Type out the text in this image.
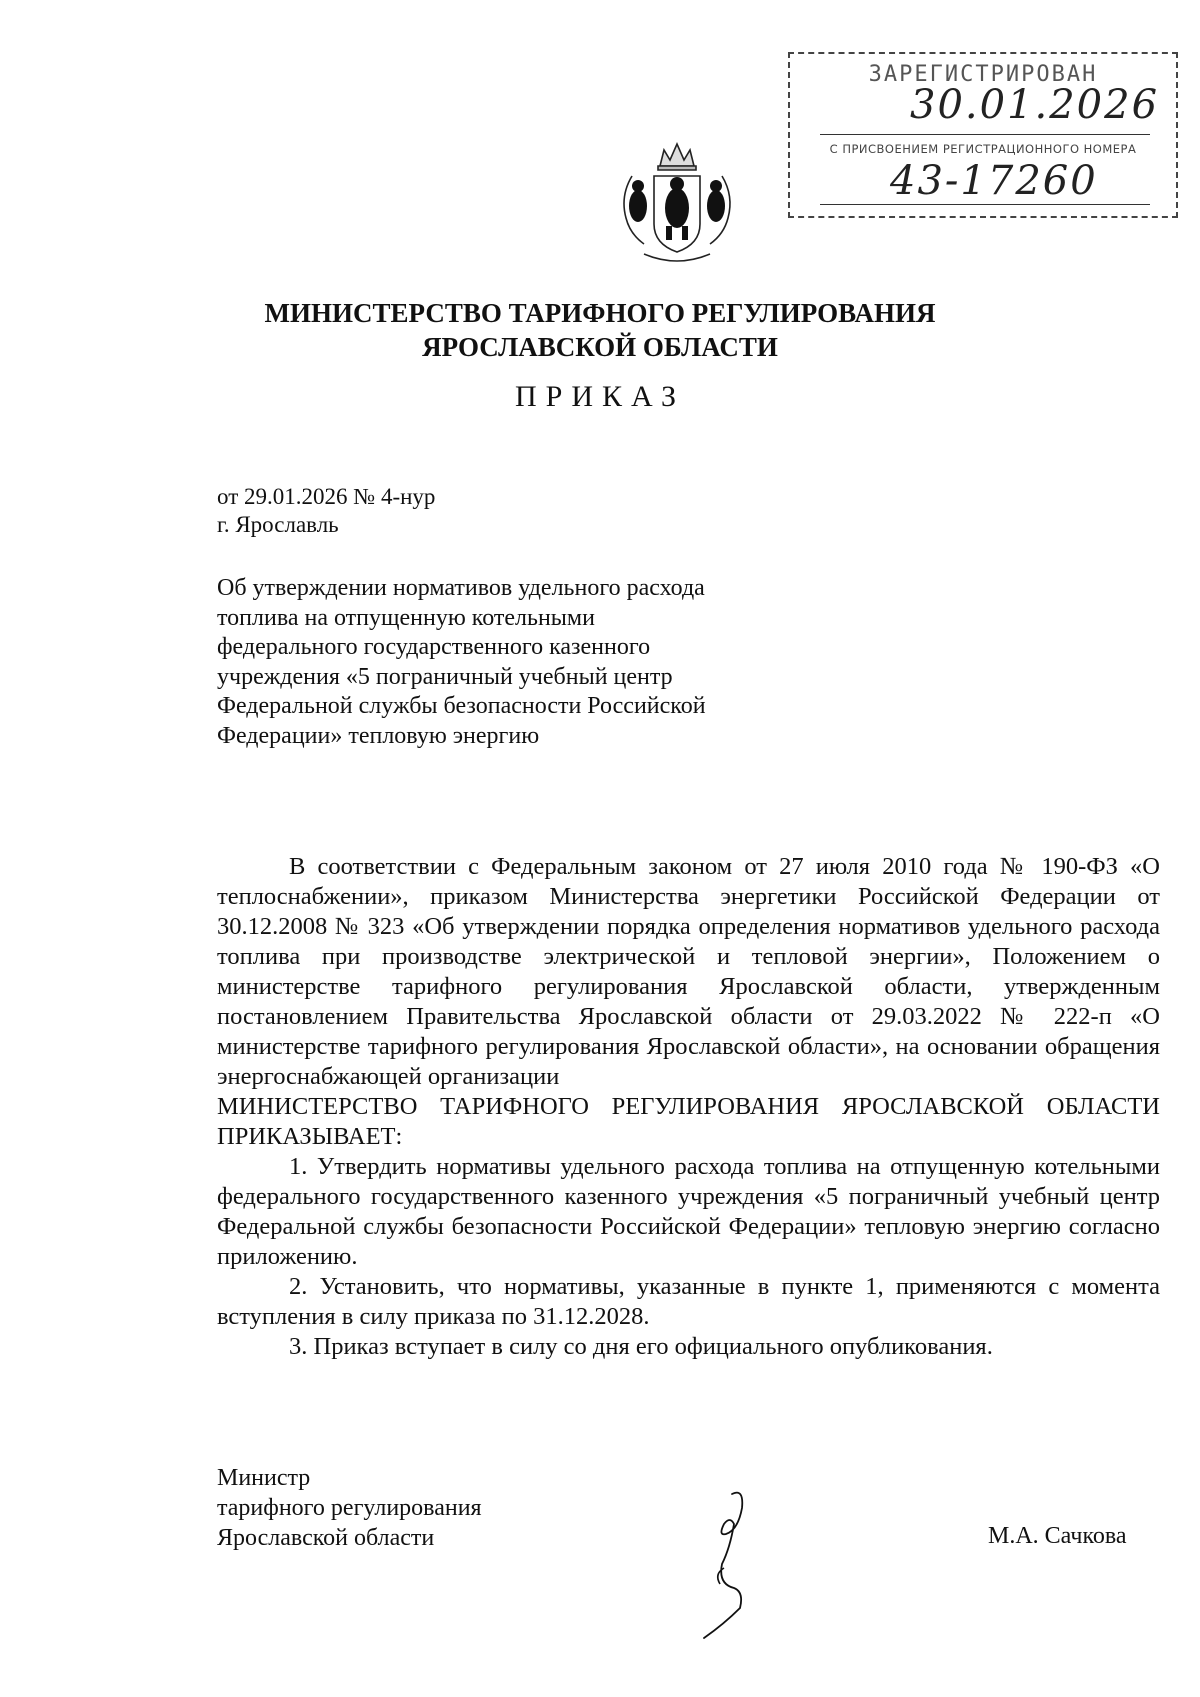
ЗАРЕГИСТРИРОВАН
30.01.2026
С ПРИСВОЕНИЕМ РЕГИСТРАЦИОННОГО НОМЕРА
43-17260
МИНИСТЕРСТВО ТАРИФНОГО РЕГУЛИРОВАНИЯ
ЯРОСЛАВСКОЙ ОБЛАСТИ
ПРИКАЗ
от 29.01.2026 № 4-нур
г. Ярославль
Об утверждении нормативов удельного расхода топлива на отпущенную котельными федерального государственного казенного учреждения «5 пограничный учебный центр Федеральной службы безопасности Российской Федерации» тепловую энергию

В соответствии с Федеральным законом от 27 июля 2010 года № 190-ФЗ «О теплоснабжении», приказом Министерства энергетики Российской Федерации от 30.12.2008 № 323 «Об утверждении порядка определения нормативов удельного расхода топлива при производстве электрической и тепловой энергии», Положением о министерстве тарифного регулирования Ярославской области, утвержденным постановлением Правительства Ярославской области от 29.03.2022 № 222-п «О министерстве тарифного регулирования Ярославской области», на основании обращения энергоснабжающей организации

МИНИСТЕРСТВО ТАРИФНОГО РЕГУЛИРОВАНИЯ ЯРОСЛАВСКОЙ ОБЛАСТИ ПРИКАЗЫВАЕТ:

1. Утвердить нормативы удельного расхода топлива на отпущенную котельными федерального государственного казенного учреждения «5 пограничный учебный центр Федеральной службы безопасности Российской Федерации» тепловую энергию согласно приложению.

2. Установить, что нормативы, указанные в пункте 1, применяются с момента вступления в силу приказа по 31.12.2028.

3. Приказ вступает в силу со дня его официального опубликования.

Министр
тарифного регулирования
Ярославской области	М.А. Сачкова
